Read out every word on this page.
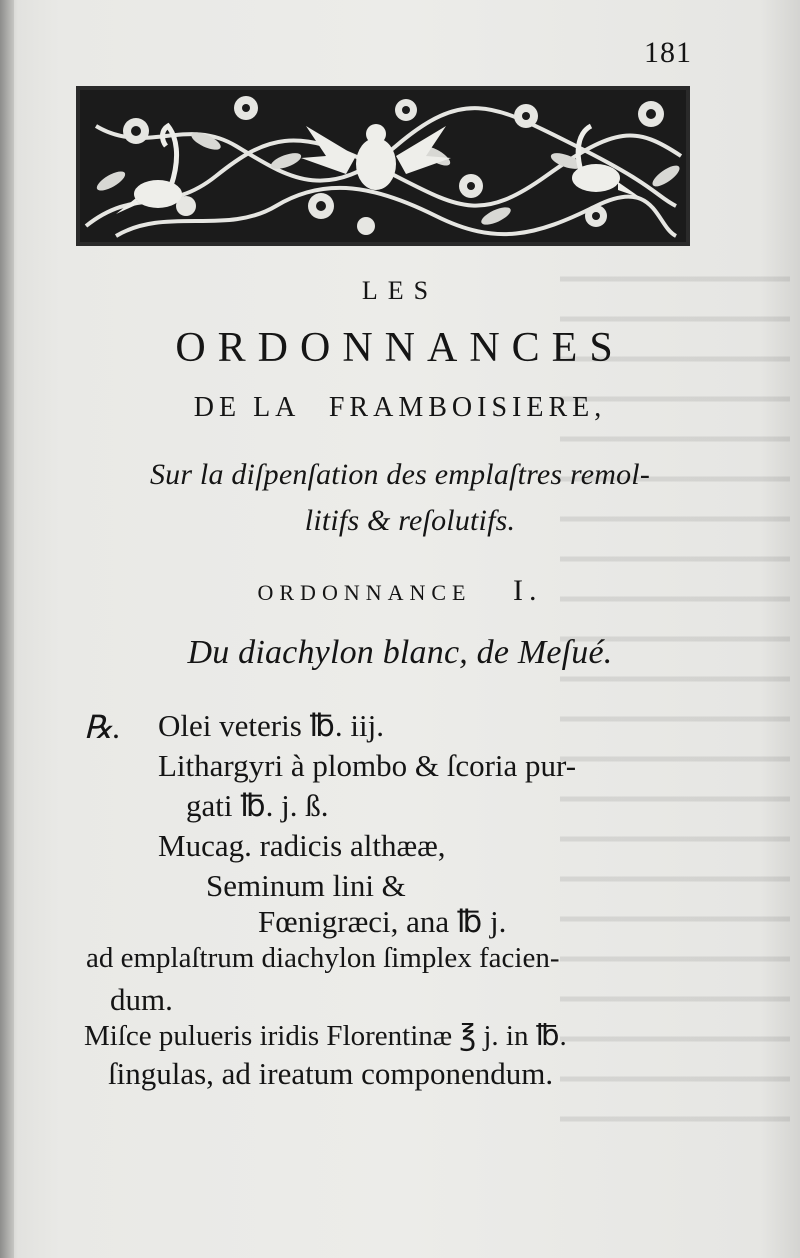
181
LES
ORDONNANCES
DE LA FRAMBOISIERE,
Sur la diſpenſation des emplaſtres remol-
litifs & reſolutifs.
ORDONNANCE I.
Du diachylon blanc, de Meſué.
℞. Olei veteris ℔. iij.
Lithargyri à plombo & ſcoria pur-
gati ℔. j. ß.
Mucag. radicis althææ,
Seminum lini &
Fœnigræci, ana ℔ j.
ad emplaſtrum diachylon ſimplex facien-
dum.
Miſce pulueris iridis Florentinæ ℥ j. in ℔.
ſingulas, ad ireatum componendum.
